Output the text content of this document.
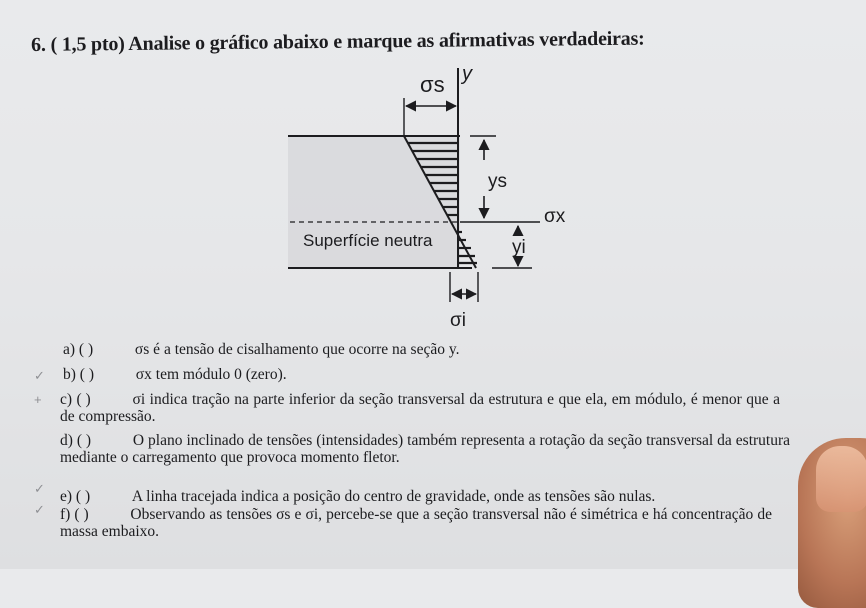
6. ( 1,5 pto) Analise o gráfico abaixo e marque as afirmativas verdadeiras:
σs y
ys
σx
yi
σi
Superfície neutra
✓
+
✓
✓
a) ( )	σs é a tensão de cisalhamento que ocorre na seção y.
b) ( )	σx tem módulo 0 (zero).
c) ( )	σi indica tração na parte inferior da seção transversal da estrutura e que ela, em módulo, é menor que a de compressão.
d) ( )	O plano inclinado de tensões (intensidades) também representa a rotação da seção transversal da estrutura mediante o carregamento que provoca momento fletor.
e) ( )	A linha tracejada indica a posição do centro de gravidade, onde as tensões são nulas.
f) ( )	Observando as tensões σs e σi, percebe-se que a seção transversal não é simétrica e há concentração de massa embaixo.
